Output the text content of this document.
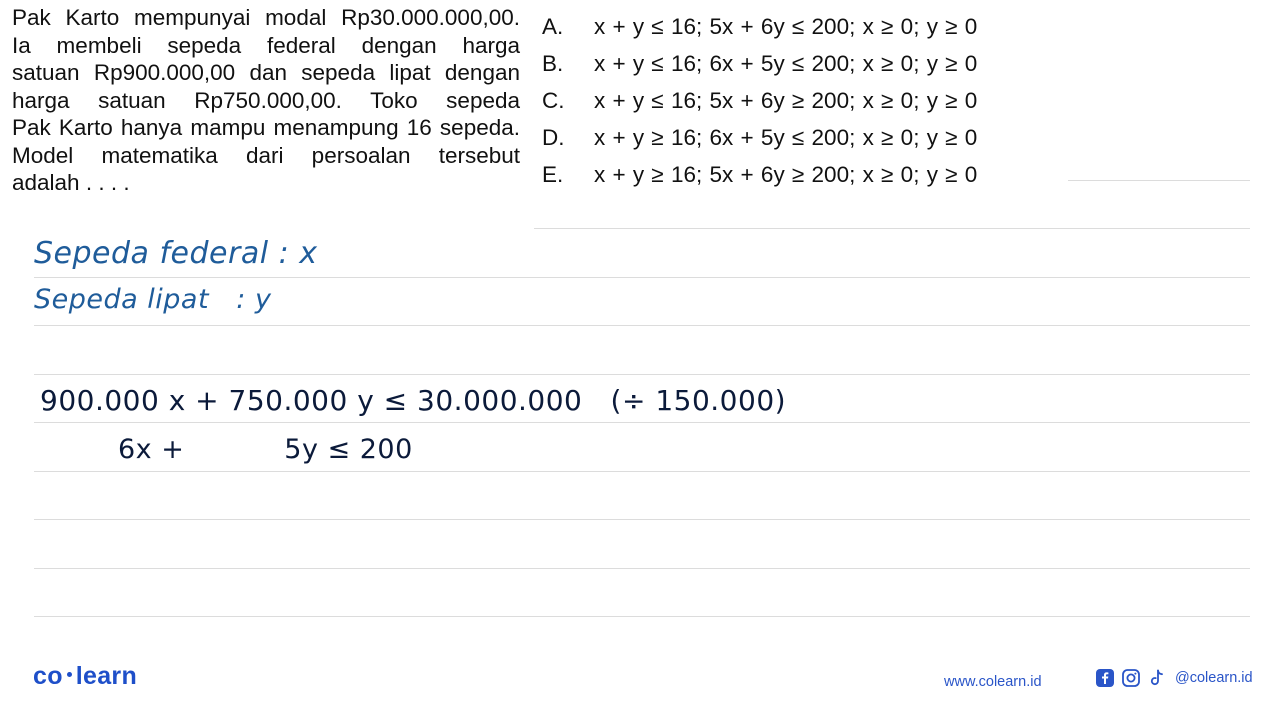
Pak Karto mempunyai modal Rp30.000.000,00.
Ia membeli sepeda federal dengan harga
satuan Rp900.000,00 dan sepeda lipat dengan
harga satuan Rp750.000,00. Toko sepeda
Pak Karto hanya mampu menampung 16 sepeda.
Model matematika dari persoalan tersebut
adalah . . . .
A.	x + y ≤ 16; 5x + 6y ≤ 200; x ≥ 0; y ≥ 0
B.	x + y ≤ 16; 6x + 5y ≤ 200; x ≥ 0; y ≥ 0
C.	x + y ≤ 16; 5x + 6y ≥ 200; x ≥ 0; y ≥ 0
D.	x + y ≥ 16; 6x + 5y ≤ 200; x ≥ 0; y ≥ 0
E.	x + y ≥ 16; 5x + 6y ≥ 200; x ≥ 0; y ≥ 0
Sepeda federal : x
Sepeda lipat   : y
900.000 x + 750.000 y ≤ 30.000.000   (÷ 150.000)
6x +           5y ≤ 200
co learn	www.colearn.id	@colearn.id
